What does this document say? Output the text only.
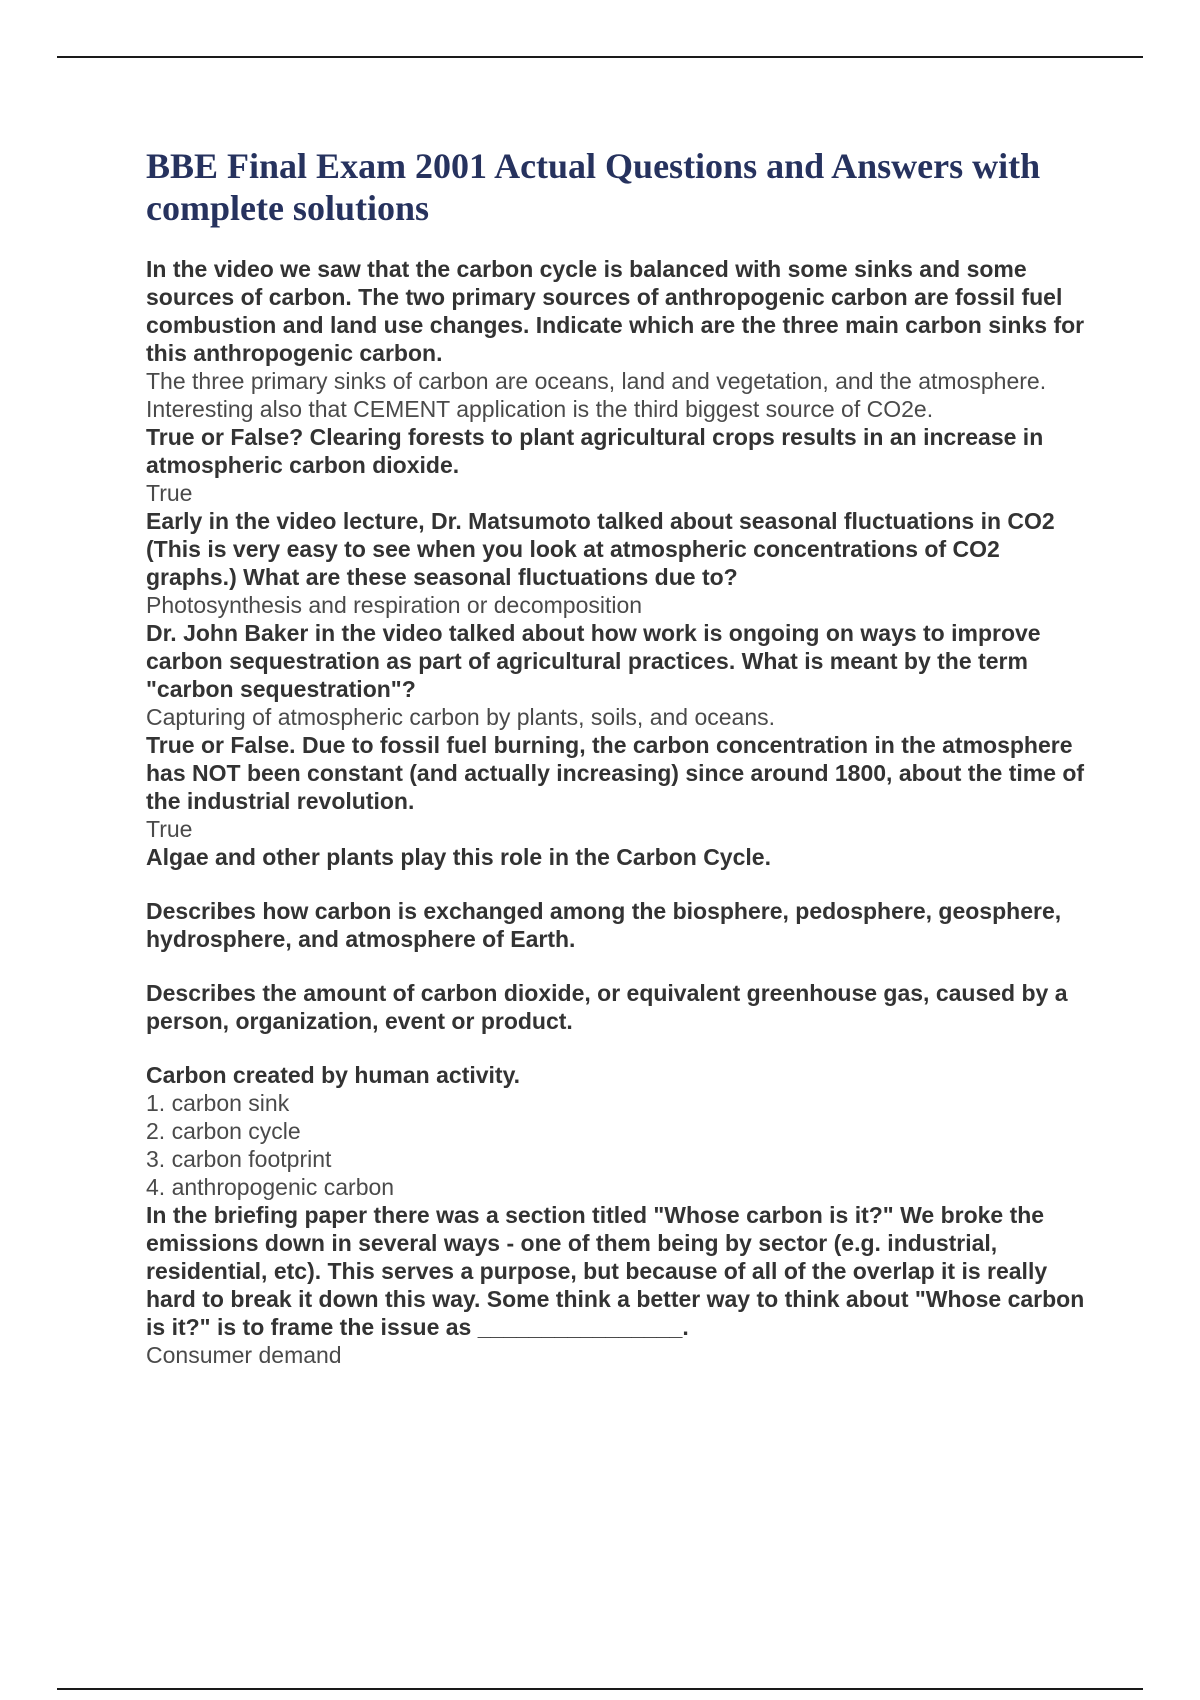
BBE Final Exam 2001 Actual Questions and Answers with complete solutions

In the video we saw that the carbon cycle is balanced with some sinks and some sources of carbon. The two primary sources of anthropogenic carbon are fossil fuel combustion and land use changes. Indicate which are the three main carbon sinks for this anthropogenic carbon.

The three primary sinks of carbon are oceans, land and vegetation, and the atmosphere.

Interesting also that CEMENT application is the third biggest source of CO2e.

True or False? Clearing forests to plant agricultural crops results in an increase in atmospheric carbon dioxide.

True

Early in the video lecture, Dr. Matsumoto talked about seasonal fluctuations in CO2 (This is very easy to see when you look at atmospheric concentrations of CO2 graphs.) What are these seasonal fluctuations due to?

Photosynthesis and respiration or decomposition

Dr. John Baker in the video talked about how work is ongoing on ways to improve carbon sequestration as part of agricultural practices. What is meant by the term "carbon sequestration"?

Capturing of atmospheric carbon by plants, soils, and oceans.

True or False. Due to fossil fuel burning, the carbon concentration in the atmosphere has NOT been constant (and actually increasing) since around 1800, about the time of the industrial revolution.

True

Algae and other plants play this role in the Carbon Cycle.

Describes how carbon is exchanged among the biosphere, pedosphere, geosphere, hydrosphere, and atmosphere of Earth.

Describes the amount of carbon dioxide, or equivalent greenhouse gas, caused by a person, organization, event or product.

Carbon created by human activity.

1. carbon sink
2. carbon cycle
3. carbon footprint
4. anthropogenic carbon

In the briefing paper there was a section titled "Whose carbon is it?" We broke the emissions down in several ways - one of them being by sector (e.g. industrial, residential, etc). This serves a purpose, but because of all of the overlap it is really hard to break it down this way. Some think a better way to think about "Whose carbon is it?" is to frame the issue as ________________.

Consumer demand
